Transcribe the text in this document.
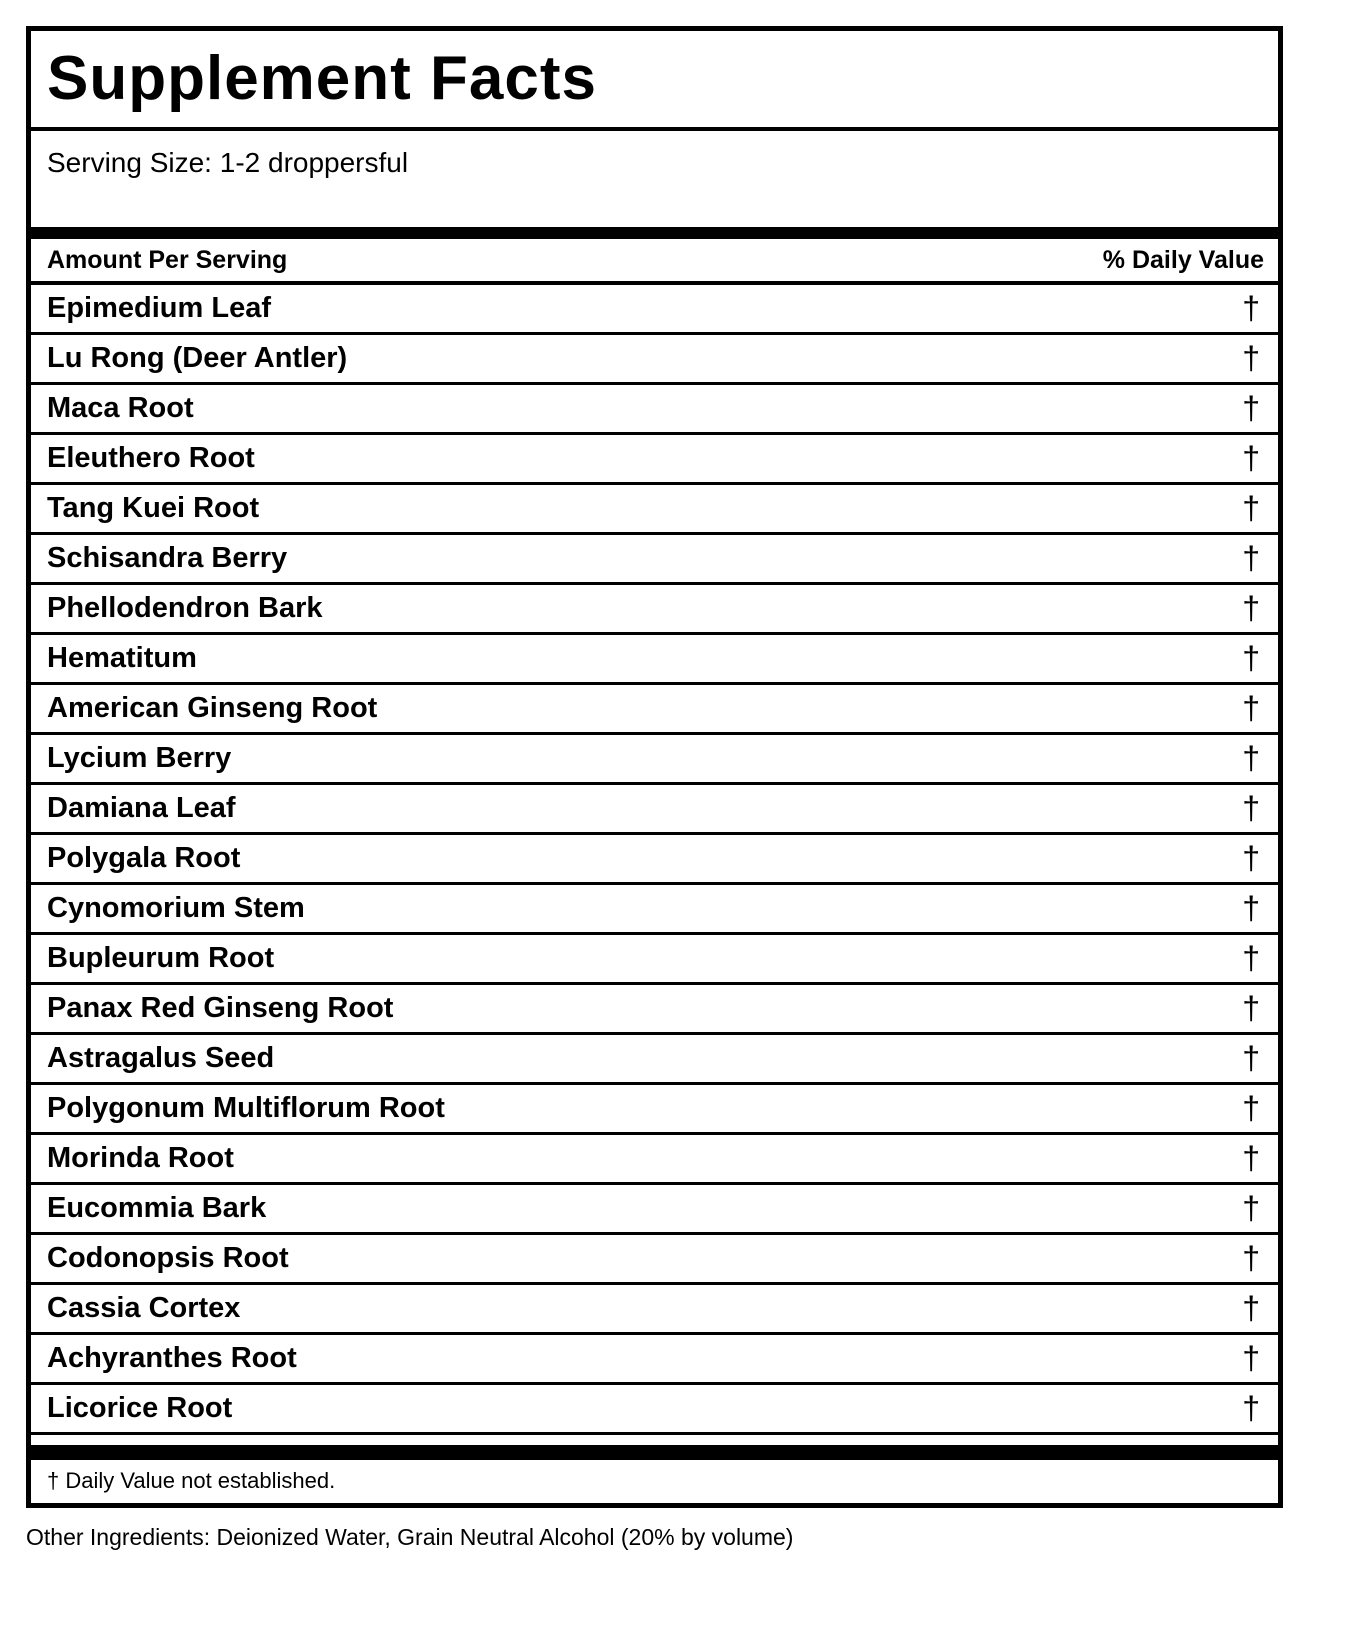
Supplement Facts
Serving Size: 1-2 droppersful
Amount Per Serving	% Daily Value
Epimedium Leaf	†
Lu Rong (Deer Antler)	†
Maca Root	†
Eleuthero Root	†
Tang Kuei Root	†
Schisandra Berry	†
Phellodendron Bark	†
Hematitum	†
American Ginseng Root	†
Lycium Berry	†
Damiana Leaf	†
Polygala Root	†
Cynomorium Stem	†
Bupleurum Root	†
Panax Red Ginseng Root	†
Astragalus Seed	†
Polygonum Multiflorum Root	†
Morinda Root	†
Eucommia Bark	†
Codonopsis Root	†
Cassia Cortex	†
Achyranthes Root	†
Licorice Root	†
† Daily Value not established.
Other Ingredients: Deionized Water, Grain Neutral Alcohol (20% by volume)
